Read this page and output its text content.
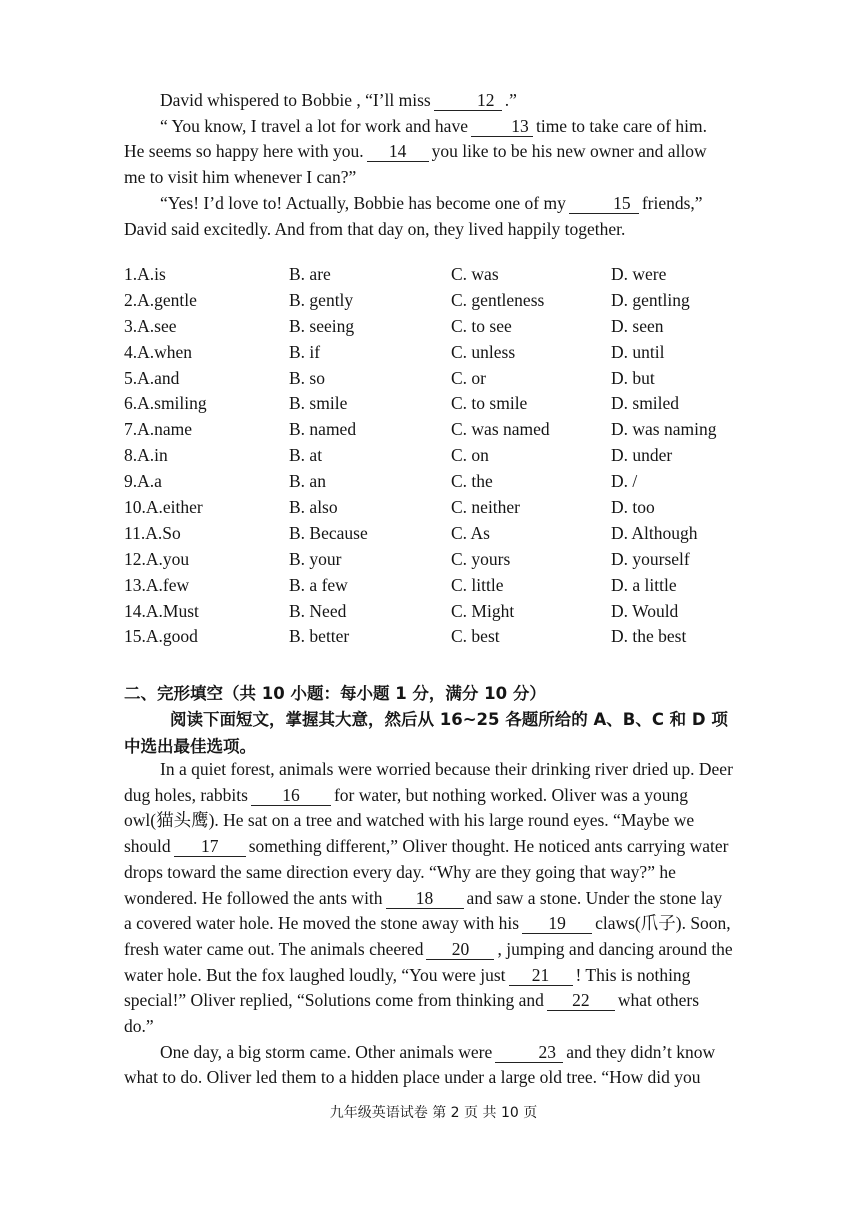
David whispered to Bobbie , “I’ll miss	12 .”
“ You know, I travel a lot for work and have 13 time to take care of him.
He seems so happy here with you. 14 you like to be his new owner and allow
me to visit him whenever I can?”
“Yes! I’d love to! Actually, Bobbie has become one of my	15 friends,”
David said excitedly. And from that day on, they lived happily together.

1.A.is	B. are	C. was	D. were
2.A.gentle	B. gently	C. gentleness	D. gentling
3.A.see	B. seeing	C. to see	D. seen
4.A.when	B. if	C. unless	D. until
5.A.and	B. so	C. or	D. but
6.A.smiling	B. smile	C. to smile	D. smiled
7.A.name	B. named	C. was named	D. was naming
8.A.in	B. at	C. on	D. under
9.A.a	B. an	C. the	D. /
10.A.either	B. also	C. neither	D. too
11.A.So	B. Because	C. As	D. Although
12.A.you	B. your	C. yours	D. yourself
13.A.few	B. a few	C. little	D. a little
14.A.Must	B. Need	C. Might	D. Would
15.A.good	B. better	C. best	D. the best

二、完形填空（共 10 小题：每小题 1 分，满分 10 分）

阅读下面短文，掌握其大意，然后从 16~25 各题所给的 A、B、C 和 D 项
中选出最佳选项。

In a quiet forest, animals were worried because their drinking river dried up. Deer
dug holes, rabbits 16 for water, but nothing worked. Oliver was a young
owl(猫头鹰). He sat on a tree and watched with his large round eyes. “Maybe we
should 17 something different,” Oliver thought. He noticed ants carrying water
drops toward the same direction every day. “Why are they going that way?” he
wondered. He followed the ants with 18 and saw a stone. Under the stone lay
a covered water hole. He moved the stone away with his 19 claws(爪子). Soon,
fresh water came out. The animals cheered 20 , jumping and dancing around the
water hole. But the fox laughed loudly, “You were just 21 ! This is nothing
special!” Oliver replied, “Solutions come from thinking and 22 what others
do.”
One day, a big storm came. Other animals were	23 and they didn’t know
what to do. Oliver led them to a hidden place under a large old tree. “How did you

九年级英语试卷 第 2 页 共 10 页
